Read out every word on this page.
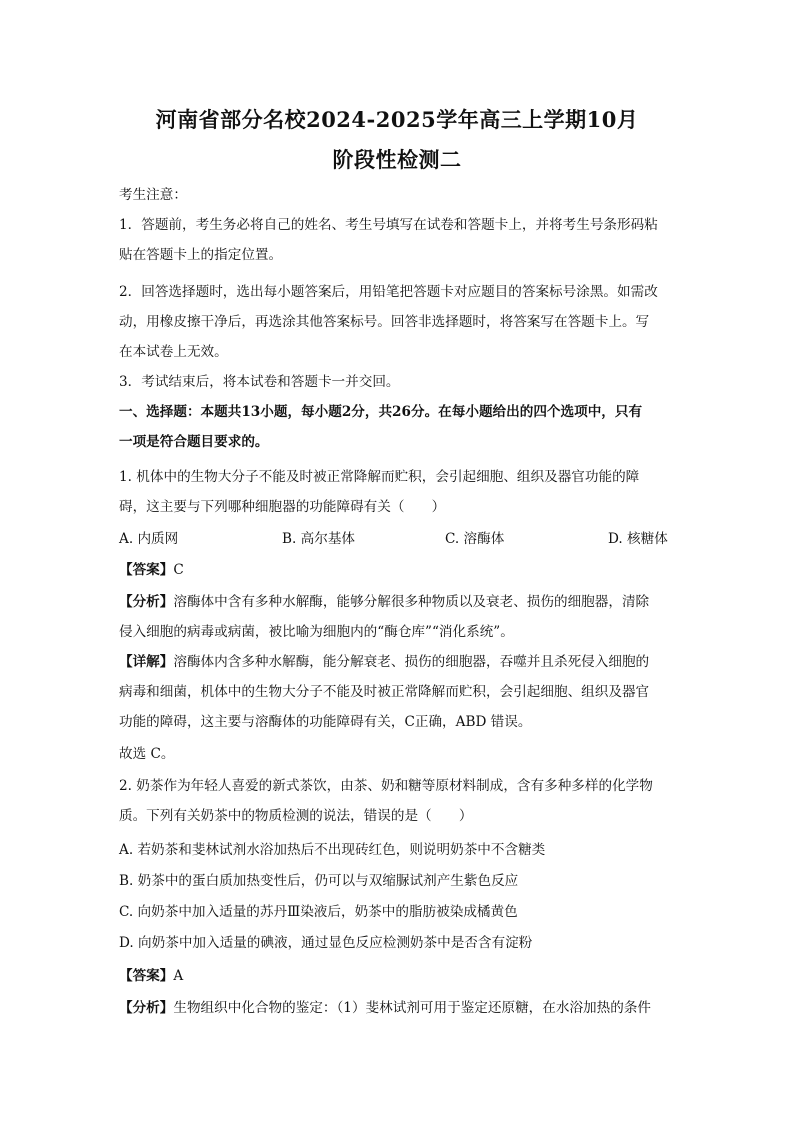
河南省部分名校2024-2025学年高三上学期10月
阶段性检测二
考生注意：
1．答题前，考生务必将自己的姓名、考生号填写在试卷和答题卡上，并将考生号条形码粘
贴在答题卡上的指定位置。
2．回答选择题时，选出每小题答案后，用铅笔把答题卡对应题目的答案标号涂黑。如需改
动，用橡皮擦干净后，再选涂其他答案标号。回答非选择题时，将答案写在答题卡上。写
在本试卷上无效。
3．考试结束后，将本试卷和答题卡一并交回。
一、选择题：本题共13小题，每小题2分，共26分。在每小题给出的四个选项中，只有
一项是符合题目要求的。
1. 机体中的生物大分子不能及时被正常降解而贮积，会引起细胞、组织及器官功能的障
碍，这主要与下列哪种细胞器的功能障碍有关（　　）
A. 内质网	B. 高尔基体	C. 溶酶体	D. 核糖体
【答案】C
【分析】溶酶体中含有多种水解酶，能够分解很多种物质以及衰老、损伤的细胞器，清除
侵入细胞的病毒或病菌，被比喻为细胞内的“酶仓库”“消化系统”。
【详解】溶酶体内含多种水解酶，能分解衰老、损伤的细胞器，吞噬并且杀死侵入细胞的
病毒和细菌，机体中的生物大分子不能及时被正常降解而贮积，会引起细胞、组织及器官
功能的障碍，这主要与溶酶体的功能障碍有关，C正确，ABD 错误。
故选 C。
2. 奶茶作为年轻人喜爱的新式茶饮，由茶、奶和糖等原材料制成，含有多种多样的化学物
质。下列有关奶茶中的物质检测的说法，错误的是（　　）
A. 若奶茶和斐林试剂水浴加热后不出现砖红色，则说明奶茶中不含糖类
B. 奶茶中的蛋白质加热变性后，仍可以与双缩脲试剂产生紫色反应
C. 向奶茶中加入适量的苏丹Ⅲ染液后，奶茶中的脂肪被染成橘黄色
D. 向奶茶中加入适量的碘液，通过显色反应检测奶茶中是否含有淀粉
【答案】A
【分析】生物组织中化合物的鉴定：（1）斐林试剂可用于鉴定还原糖，在水浴加热的条件
